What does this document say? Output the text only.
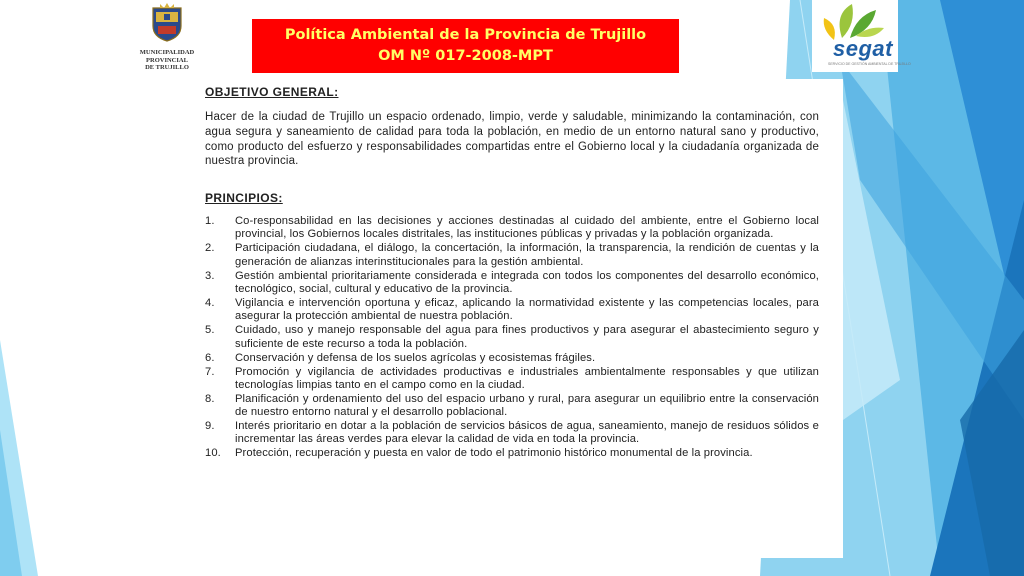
MUNICIPALIDAD
PROVINCIAL
DE TRUJILLO
Política Ambiental de la Provincia de Trujillo
OM Nº 017-2008-MPT	segat
SERVICIO DE GESTIÓN AMBIENTAL DE TRUJILLO
OBJETIVO GENERAL:

Hacer de la ciudad de Trujillo un espacio ordenado, limpio, verde y saludable, minimizando la contaminación, con agua segura y saneamiento de calidad para toda la población, en medio de un entorno natural sano y productivo, como producto del esfuerzo y responsabilidades compartidas entre el Gobierno local y la ciudadanía organizada de nuestra provincia.

PRINCIPIOS:
1.	Co-responsabilidad en las decisiones y acciones destinadas al cuidado del ambiente, entre el Gobierno local provincial, los Gobiernos locales distritales, las instituciones públicas y privadas y la población organizada.
2.	Participación ciudadana, el diálogo, la concertación, la información, la transparencia, la rendición de cuentas y la generación de alianzas interinstitucionales para la gestión ambiental.
3.	Gestión ambiental prioritariamente considerada e integrada con todos los componentes del desarrollo económico, tecnológico, social, cultural y educativo de la provincia.
4.	Vigilancia e intervención oportuna y eficaz, aplicando la normatividad existente y las competencias locales, para asegurar la protección ambiental de nuestra población.
5.	Cuidado, uso y manejo responsable del agua para fines productivos y para asegurar el abastecimiento seguro y suficiente de este recurso a toda la población.
6.	Conservación y defensa de los suelos agrícolas y ecosistemas frágiles.
7.	Promoción y vigilancia de actividades productivas e industriales ambientalmente responsables y que utilizan tecnologías limpias tanto en el campo como en la ciudad.
8.	Planificación y ordenamiento del uso del espacio urbano y rural, para asegurar un equilibrio entre la conservación de nuestro entorno natural y el desarrollo poblacional.
9.	Interés prioritario en dotar a la población de servicios básicos de agua, saneamiento, manejo de residuos sólidos e incrementar las áreas verdes para elevar la calidad de vida en toda la provincia.
10.	Protección, recuperación y puesta en valor de todo el patrimonio histórico monumental de la provincia.
